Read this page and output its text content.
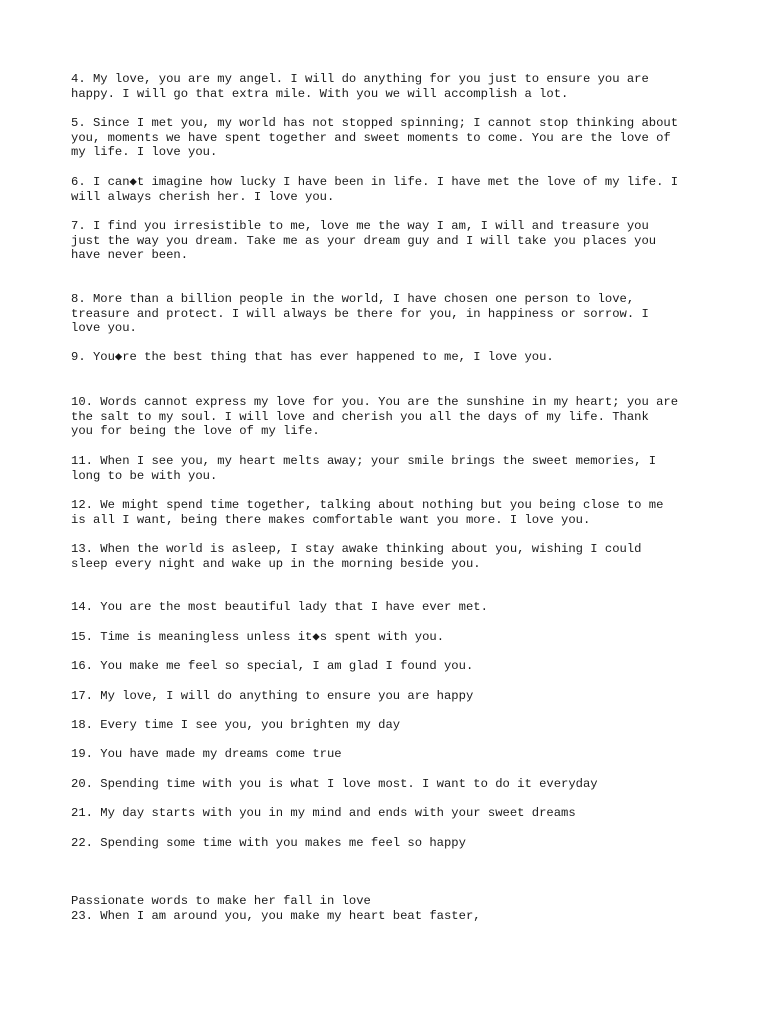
4. My love, you are my angel. I will do anything for you just to ensure you are
happy. I will go that extra mile. With you we will accomplish a lot.

5. Since I met you, my world has not stopped spinning; I cannot stop thinking about
you, moments we have spent together and sweet moments to come. You are the love of
my life. I love you.

6. I can◆t imagine how lucky I have been in life. I have met the love of my life. I
will always cherish her. I love you.

7. I find you irresistible to me, love me the way I am, I will and treasure you
just the way you dream. Take me as your dream guy and I will take you places you
have never been.

8. More than a billion people in the world, I have chosen one person to love,
treasure and protect. I will always be there for you, in happiness or sorrow. I
love you.

9. You◆re the best thing that has ever happened to me, I love you.

10. Words cannot express my love for you. You are the sunshine in my heart; you are
the salt to my soul. I will love and cherish you all the days of my life. Thank
you for being the love of my life.

11. When I see you, my heart melts away; your smile brings the sweet memories, I
long to be with you.

12. We might spend time together, talking about nothing but you being close to me
is all I want, being there makes comfortable want you more. I love you.

13. When the world is asleep, I stay awake thinking about you, wishing I could
sleep every night and wake up in the morning beside you.

14. You are the most beautiful lady that I have ever met.

15. Time is meaningless unless it◆s spent with you.

16. You make me feel so special, I am glad I found you.

17. My love, I will do anything to ensure you are happy

18. Every time I see you, you brighten my day

19. You have made my dreams come true

20. Spending time with you is what I love most. I want to do it everyday

21. My day starts with you in my mind and ends with your sweet dreams

22. Spending some time with you makes me feel so happy

Passionate words to make her fall in love
23. When I am around you, you make my heart beat faster,
